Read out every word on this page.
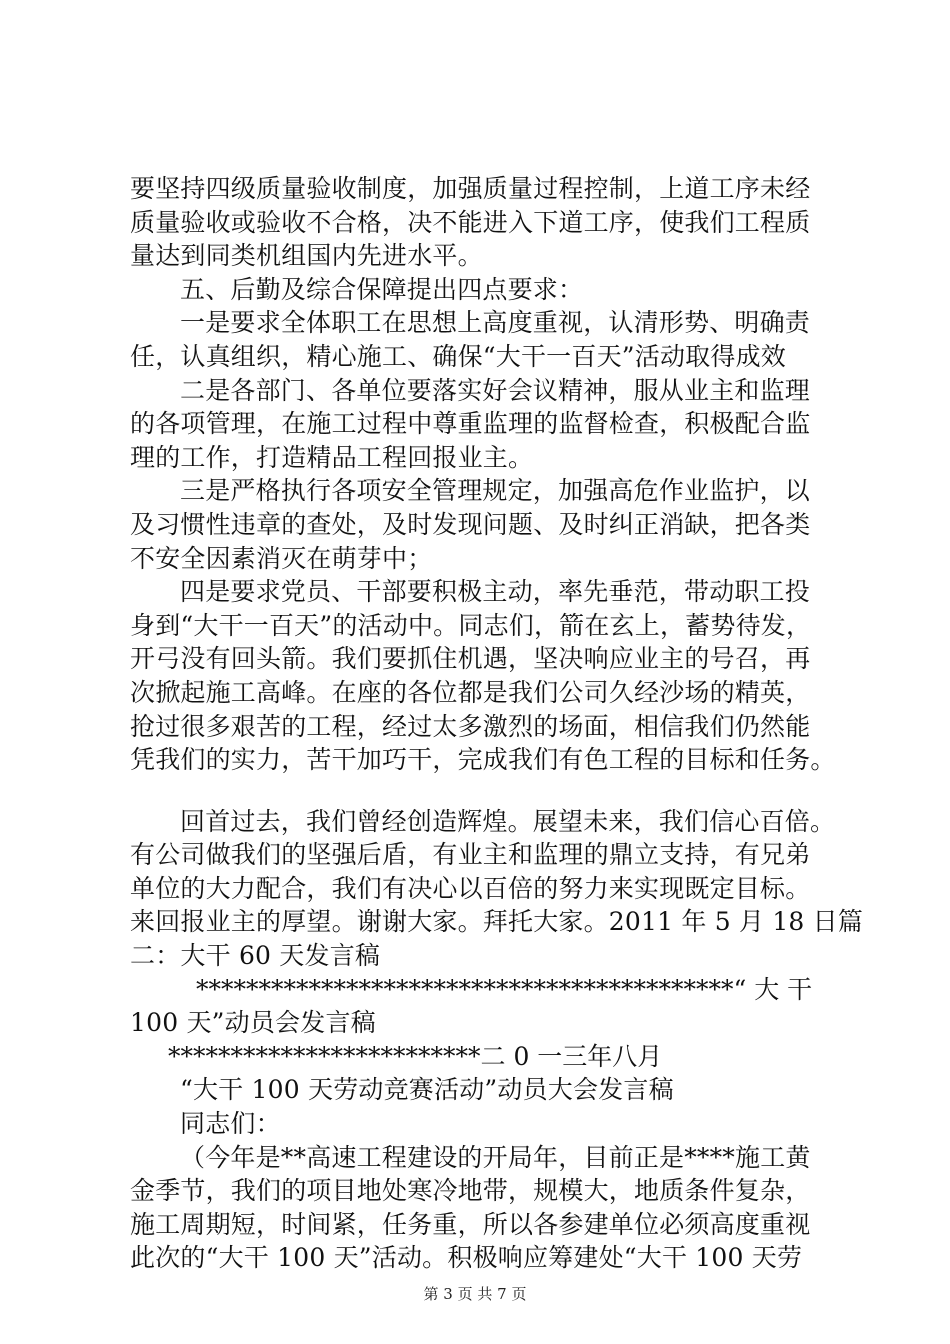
要坚持四级质量验收制度，加强质量过程控制，上道工序未经
质量验收或验收不合格，决不能进入下道工序，使我们工程质
量达到同类机组国内先进水平。
五、后勤及综合保障提出四点要求：
一是要求全体职工在思想上高度重视，认清形势、明确责
任，认真组织，精心施工、确保“大干一百天”活动取得成效
二是各部门、各单位要落实好会议精神，服从业主和监理
的各项管理，在施工过程中尊重监理的监督检查，积极配合监
理的工作，打造精品工程回报业主。
三是严格执行各项安全管理规定，加强高危作业监护，以
及习惯性违章的查处，及时发现问题、及时纠正消缺，把各类
不安全因素消灭在萌芽中；
四是要求党员、干部要积极主动，率先垂范，带动职工投
身到“大干一百天”的活动中。同志们，箭在玄上，蓄势待发，
开弓没有回头箭。我们要抓住机遇，坚决响应业主的号召，再
次掀起施工高峰。在座的各位都是我们公司久经沙场的精英，
抢过很多艰苦的工程，经过太多激烈的场面，相信我们仍然能
凭我们的实力，苦干加巧干，完成我们有色工程的目标和任务。
回首过去，我们曾经创造辉煌。展望未来，我们信心百倍。
有公司做我们的坚强后盾，有业主和监理的鼎立支持，有兄弟
单位的大力配合，我们有决心以百倍的努力来实现既定目标。
来回报业主的厚望。谢谢大家。拜托大家。2011 年 5 月 18 日篇
二：大干 60 天发言稿
*******************************************“ 大 干
100 天”动员会发言稿
*************************二 0 一三年八月
“大干 100 天劳动竞赛活动”动员大会发言稿
同志们：
（今年是**高速工程建设的开局年，目前正是****施工黄
金季节，我们的项目地处寒冷地带，规模大，地质条件复杂，
施工周期短，时间紧，任务重，所以各参建单位必须高度重视
此次的“大干 100 天”活动。积极响应筹建处“大干 100 天劳
第 3 页 共 7 页
